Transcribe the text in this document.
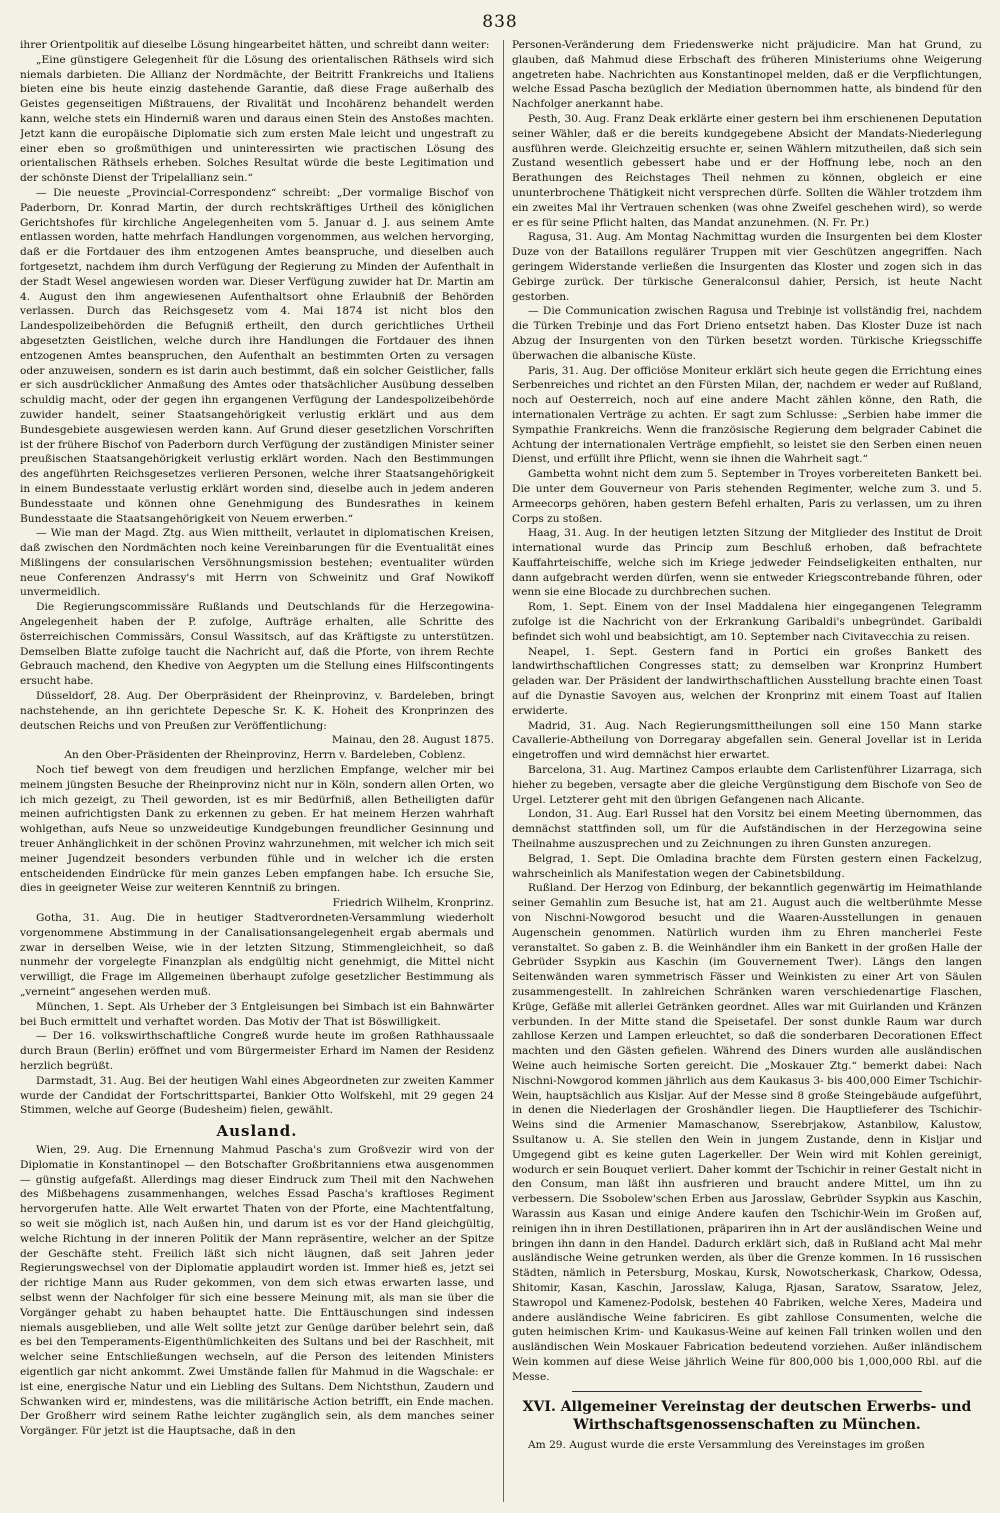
838

ihrer Orientpolitik auf dieselbe Lösung hingearbeitet hätten, und schreibt dann weiter:

„Eine günstigere Gelegenheit für die Lösung des orientalischen Räthsels wird sich niemals darbieten. Die Allianz der Nordmächte, der Beitritt Frankreichs und Italiens bieten eine bis heute einzig dastehende Garantie, daß diese Frage außerhalb des Geistes gegenseitigen Mißtrauens, der Rivalität und Incohärenz behandelt werden kann, welche stets ein Hinderniß waren und daraus einen Stein des Anstoßes machten. Jetzt kann die europäische Diplomatie sich zum ersten Male leicht und ungestraft zu einer eben so großmüthigen und uninteressirten wie practischen Lösung des orientalischen Räthsels erheben. Solches Resultat würde die beste Legitimation und der schönste Dienst der Tripelallianz sein.“

— Die neueste „Provincial-Correspondenz“ schreibt: „Der vormalige Bischof von Paderborn, Dr. Konrad Martin, der durch rechtskräftiges Urtheil des königlichen Gerichtshofes für kirchliche Angelegenheiten vom 5. Januar d. J. aus seinem Amte entlassen worden, hatte mehrfach Handlungen vorgenommen, aus welchen hervorging, daß er die Fortdauer des ihm entzogenen Amtes beanspruche, und dieselben auch fortgesetzt, nachdem ihm durch Verfügung der Regierung zu Minden der Aufenthalt in der Stadt Wesel angewiesen worden war. Dieser Verfügung zuwider hat Dr. Martin am 4. August den ihm angewiesenen Aufenthaltsort ohne Erlaubniß der Behörden verlassen. Durch das Reichsgesetz vom 4. Mai 1874 ist nicht blos den Landespolizeibehörden die Befugniß ertheilt, den durch gerichtliches Urtheil abgesetzten Geistlichen, welche durch ihre Handlungen die Fortdauer des ihnen entzogenen Amtes beanspruchen, den Aufenthalt an bestimmten Orten zu versagen oder anzuweisen, sondern es ist darin auch bestimmt, daß ein solcher Geistlicher, falls er sich ausdrücklicher Anmaßung des Amtes oder thatsächlicher Ausübung desselben schuldig macht, oder der gegen ihn ergangenen Verfügung der Landespolizeibehörde zuwider handelt, seiner Staatsangehörigkeit verlustig erklärt und aus dem Bundesgebiete ausgewiesen werden kann. Auf Grund dieser gesetzlichen Vorschriften ist der frühere Bischof von Paderborn durch Verfügung der zuständigen Minister seiner preußischen Staatsangehörigkeit verlustig erklärt worden. Nach den Bestimmungen des angeführten Reichsgesetzes verlieren Personen, welche ihrer Staatsangehörigkeit in einem Bundesstaate verlustig erklärt worden sind, dieselbe auch in jedem anderen Bundesstaate und können ohne Genehmigung des Bundesrathes in keinem Bundesstaate die Staatsangehörigkeit von Neuem erwerben.“

— Wie man der Magd. Ztg. aus Wien mittheilt, verlautet in diplomatischen Kreisen, daß zwischen den Nordmächten noch keine Vereinbarungen für die Eventualität eines Mißlingens der consularischen Versöhnungsmission bestehen; eventualiter würden neue Conferenzen Andrassy's mit Herrn von Schweinitz und Graf Nowikoff unvermeidlich.

Die Regierungscommissäre Rußlands und Deutschlands für die Herzegowina-Angelegenheit haben der P. zufolge, Aufträge erhalten, alle Schritte des österreichischen Commissärs, Consul Wassitsch, auf das Kräftigste zu unterstützen. Demselben Blatte zufolge taucht die Nachricht auf, daß die Pforte, von ihrem Rechte Gebrauch machend, den Khedive von Aegypten um die Stellung eines Hilfscontingents ersucht habe.

Düsseldorf, 28. Aug. Der Oberpräsident der Rheinprovinz, v. Bardeleben, bringt nachstehende, an ihn gerichtete Depesche Sr. K. K. Hoheit des Kronprinzen des deutschen Reichs und von Preußen zur Veröffentlichung:

Mainau, den 28. August 1875.

An den Ober-Präsidenten der Rheinprovinz, Herrn v. Bardeleben, Coblenz.

Noch tief bewegt von dem freudigen und herzlichen Empfange, welcher mir bei meinem jüngsten Besuche der Rheinprovinz nicht nur in Köln, sondern allen Orten, wo ich mich gezeigt, zu Theil geworden, ist es mir Bedürfniß, allen Betheiligten dafür meinen aufrichtigsten Dank zu erkennen zu geben. Er hat meinem Herzen wahrhaft wohlgethan, aufs Neue so unzweideutige Kundgebungen freundlicher Gesinnung und treuer Anhänglichkeit in der schönen Provinz wahrzunehmen, mit welcher ich mich seit meiner Jugendzeit besonders verbunden fühle und in welcher ich die ersten entscheidenden Eindrücke für mein ganzes Leben empfangen habe. Ich ersuche Sie, dies in geeigneter Weise zur weiteren Kenntniß zu bringen.

Friedrich Wilhelm, Kronprinz.

Gotha, 31. Aug. Die in heutiger Stadtverordneten-Versammlung wiederholt vorgenommene Abstimmung in der Canalisationsangelegenheit ergab abermals und zwar in derselben Weise, wie in der letzten Sitzung, Stimmengleichheit, so daß nunmehr der vorgelegte Finanzplan als endgültig nicht genehmigt, die Mittel nicht verwilligt, die Frage im Allgemeinen überhaupt zufolge gesetzlicher Bestimmung als „verneint“ angesehen werden muß.

München, 1. Sept. Als Urheber der 3 Entgleisungen bei Simbach ist ein Bahnwärter bei Buch ermittelt und verhaftet worden. Das Motiv der That ist Böswilligkeit.

— Der 16. volkswirthschaftliche Congreß wurde heute im großen Rathhaussaale durch Braun (Berlin) eröffnet und vom Bürgermeister Erhard im Namen der Residenz herzlich begrüßt.

Darmstadt, 31. Aug. Bei der heutigen Wahl eines Abgeordneten zur zweiten Kammer wurde der Candidat der Fortschrittspartei, Bankier Otto Wolfskehl, mit 29 gegen 24 Stimmen, welche auf George (Budesheim) fielen, gewählt.

Ausland.

Wien, 29. Aug. Die Ernennung Mahmud Pascha's zum Großvezir wird von der Diplomatie in Konstantinopel — den Botschafter Großbritanniens etwa ausgenommen — günstig aufgefaßt. Allerdings mag dieser Eindruck zum Theil mit den Nachwehen des Mißbehagens zusammenhangen, welches Essad Pascha's kraftloses Regiment hervorgerufen hatte. Alle Welt erwartet Thaten von der Pforte, eine Machtentfaltung, so weit sie möglich ist, nach Außen hin, und darum ist es vor der Hand gleichgültig, welche Richtung in der inneren Politik der Mann repräsentire, welcher an der Spitze der Geschäfte steht. Freilich läßt sich nicht läugnen, daß seit Jahren jeder Regierungswechsel von der Diplomatie applaudirt worden ist. Immer hieß es, jetzt sei der richtige Mann aus Ruder gekommen, von dem sich etwas erwarten lasse, und selbst wenn der Nachfolger für sich eine bessere Meinung mit, als man sie über die Vorgänger gehabt zu haben behauptet hatte. Die Enttäuschungen sind indessen niemals ausgeblieben, und alle Welt sollte jetzt zur Genüge darüber belehrt sein, daß es bei den Temperaments-Eigenthümlichkeiten des Sultans und bei der Raschheit, mit welcher seine Entschließungen wechseln, auf die Person des leitenden Ministers eigentlich gar nicht ankommt. Zwei Umstände fallen für Mahmud in die Wagschale: er ist eine, energische Natur und ein Liebling des Sultans. Dem Nichtsthun, Zaudern und Schwanken wird er, mindestens, was die militärische Action betrifft, ein Ende machen. Der Großherr wird seinem Rathe leichter zugänglich sein, als dem manches seiner Vorgänger. Für jetzt ist die Hauptsache, daß in den

Personen-Veränderung dem Friedenswerke nicht präjudicire. Man hat Grund, zu glauben, daß Mahmud diese Erbschaft des früheren Ministeriums ohne Weigerung angetreten habe. Nachrichten aus Konstantinopel melden, daß er die Verpflichtungen, welche Essad Pascha bezüglich der Mediation übernommen hatte, als bindend für den Nachfolger anerkannt habe.

Pesth, 30. Aug. Franz Deak erklärte einer gestern bei ihm erschienenen Deputation seiner Wähler, daß er die bereits kundgegebene Absicht der Mandats-Niederlegung ausführen werde. Gleichzeitig ersuchte er, seinen Wählern mitzutheilen, daß sich sein Zustand wesentlich gebessert habe und er der Hoffnung lebe, noch an den Berathungen des Reichstages Theil nehmen zu können, obgleich er eine ununterbrochene Thätigkeit nicht versprechen dürfe. Sollten die Wähler trotzdem ihm ein zweites Mal ihr Vertrauen schenken (was ohne Zweifel geschehen wird), so werde er es für seine Pflicht halten, das Mandat anzunehmen. (N. Fr. Pr.)

Ragusa, 31. Aug. Am Montag Nachmittag wurden die Insurgenten bei dem Kloster Duze von der Bataillons regulärer Truppen mit vier Geschützen angegriffen. Nach geringem Widerstande verließen die Insurgenten das Kloster und zogen sich in das Gebirge zurück. Der türkische Generalconsul dahier, Persich, ist heute Nacht gestorben.

— Die Communication zwischen Ragusa und Trebinje ist vollständig frei, nachdem die Türken Trebinje und das Fort Drieno entsetzt haben. Das Kloster Duze ist nach Abzug der Insurgenten von den Türken besetzt worden. Türkische Kriegsschiffe überwachen die albanische Küste.

Paris, 31. Aug. Der officiöse Moniteur erklärt sich heute gegen die Errichtung eines Serbenreiches und richtet an den Fürsten Milan, der, nachdem er weder auf Rußland, noch auf Oesterreich, noch auf eine andere Macht zählen könne, den Rath, die internationalen Verträge zu achten. Er sagt zum Schlusse: „Serbien habe immer die Sympathie Frankreichs. Wenn die französische Regierung dem belgrader Cabinet die Achtung der internationalen Verträge empfiehlt, so leistet sie den Serben einen neuen Dienst, und erfüllt ihre Pflicht, wenn sie ihnen die Wahrheit sagt.“

Gambetta wohnt nicht dem zum 5. September in Troyes vorbereiteten Bankett bei. Die unter dem Gouverneur von Paris stehenden Regimenter, welche zum 3. und 5. Armeecorps gehören, haben gestern Befehl erhalten, Paris zu verlassen, um zu ihren Corps zu stoßen.

Haag, 31. Aug. In der heutigen letzten Sitzung der Mitglieder des Institut de Droit international wurde das Princip zum Beschluß erhoben, daß befrachtete Kauffahrteischiffe, welche sich im Kriege jedweder Feindseligkeiten enthalten, nur dann aufgebracht werden dürfen, wenn sie entweder Kriegscontrebande führen, oder wenn sie eine Blocade zu durchbrechen suchen.

Rom, 1. Sept. Einem von der Insel Maddalena hier eingegangenen Telegramm zufolge ist die Nachricht von der Erkrankung Garibaldi's unbegründet. Garibaldi befindet sich wohl und beabsichtigt, am 10. September nach Civitavecchia zu reisen.

Neapel, 1. Sept. Gestern fand in Portici ein großes Bankett des landwirthschaftlichen Congresses statt; zu demselben war Kronprinz Humbert geladen war. Der Präsident der landwirthschaftlichen Ausstellung brachte einen Toast auf die Dynastie Savoyen aus, welchen der Kronprinz mit einem Toast auf Italien erwiderte.

Madrid, 31. Aug. Nach Regierungsmittheilungen soll eine 150 Mann starke Cavallerie-Abtheilung von Dorregaray abgefallen sein. General Jovellar ist in Lerida eingetroffen und wird demnächst hier erwartet.

Barcelona, 31. Aug. Martinez Campos erlaubte dem Carlistenführer Lizarraga, sich hieher zu begeben, versagte aber die gleiche Vergünstigung dem Bischofe von Seo de Urgel. Letzterer geht mit den übrigen Gefangenen nach Alicante.

London, 31. Aug. Earl Russel hat den Vorsitz bei einem Meeting übernommen, das demnächst stattfinden soll, um für die Aufständischen in der Herzegowina seine Theilnahme auszusprechen und zu Zeichnungen zu ihren Gunsten anzuregen.

Belgrad, 1. Sept. Die Omladina brachte dem Fürsten gestern einen Fackelzug, wahrscheinlich als Manifestation wegen der Cabinetsbildung.

Rußland. Der Herzog von Edinburg, der bekanntlich gegenwärtig im Heimathlande seiner Gemahlin zum Besuche ist, hat am 21. August auch die weltberühmte Messe von Nischni-Nowgorod besucht und die Waaren-Ausstellungen in genauen Augenschein genommen. Natürlich wurden ihm zu Ehren mancherlei Feste veranstaltet. So gaben z. B. die Weinhändler ihm ein Bankett in der großen Halle der Gebrüder Ssypkin aus Kaschin (im Gouvernement Twer). Längs den langen Seitenwänden waren symmetrisch Fässer und Weinkisten zu einer Art von Säulen zusammengestellt. In zahlreichen Schränken waren verschiedenartige Flaschen, Krüge, Gefäße mit allerlei Getränken geordnet. Alles war mit Guirlanden und Kränzen verbunden. In der Mitte stand die Speisetafel. Der sonst dunkle Raum war durch zahllose Kerzen und Lampen erleuchtet, so daß die sonderbaren Decorationen Effect machten und den Gästen gefielen. Während des Diners wurden alle ausländischen Weine auch heimische Sorten gereicht. Die „Moskauer Ztg.“ bemerkt dabei: Nach Nischni-Nowgorod kommen jährlich aus dem Kaukasus 3- bis 400,000 Eimer Tschichir-Wein, hauptsächlich aus Kisljar. Auf der Messe sind 8 große Steingebäude aufgeführt, in denen die Niederlagen der Groshändler liegen. Die Hauptlieferer des Tschichir-Weins sind die Armenier Mamaschanow, Sserebrjakow, Astanbilow, Kalustow, Ssultanow u. A. Sie stellen den Wein in jungem Zustande, denn in Kisljar und Umgegend gibt es keine guten Lagerkeller. Der Wein wird mit Kohlen gereinigt, wodurch er sein Bouquet verliert. Daher kommt der Tschichir in reiner Gestalt nicht in den Consum, man läßt ihn ausfrieren und braucht andere Mittel, um ihn zu verbessern. Die Ssobolew'schen Erben aus Jarosslaw, Gebrüder Ssypkin aus Kaschin, Warassin aus Kasan und einige Andere kaufen den Tschichir-Wein im Großen auf, reinigen ihn in ihren Destillationen, präpariren ihn in Art der ausländischen Weine und bringen ihn dann in den Handel. Dadurch erklärt sich, daß in Rußland acht Mal mehr ausländische Weine getrunken werden, als über die Grenze kommen. In 16 russischen Städten, nämlich in Petersburg, Moskau, Kursk, Nowotscherkask, Charkow, Odessa, Shitomir, Kasan, Kaschin, Jarosslaw, Kaluga, Rjasan, Saratow, Ssaratow, Jelez, Stawropol und Kamenez-Podolsk, bestehen 40 Fabriken, welche Xeres, Madeira und andere ausländische Weine fabriciren. Es gibt zahllose Consumenten, welche die guten heimischen Krim- und Kaukasus-Weine auf keinen Fall trinken wollen und den ausländischen Wein Moskauer Fabrication bedeutend vorziehen. Außer inländischem Wein kommen auf diese Weise jährlich Weine für 800,000 bis 1,000,000 Rbl. auf die Messe.

XVI. Allgemeiner Vereinstag der deutschen Erwerbs- und Wirthschaftsgenossenschaften zu München.

Am 29. August wurde die erste Versammlung des Vereinstages im großen
